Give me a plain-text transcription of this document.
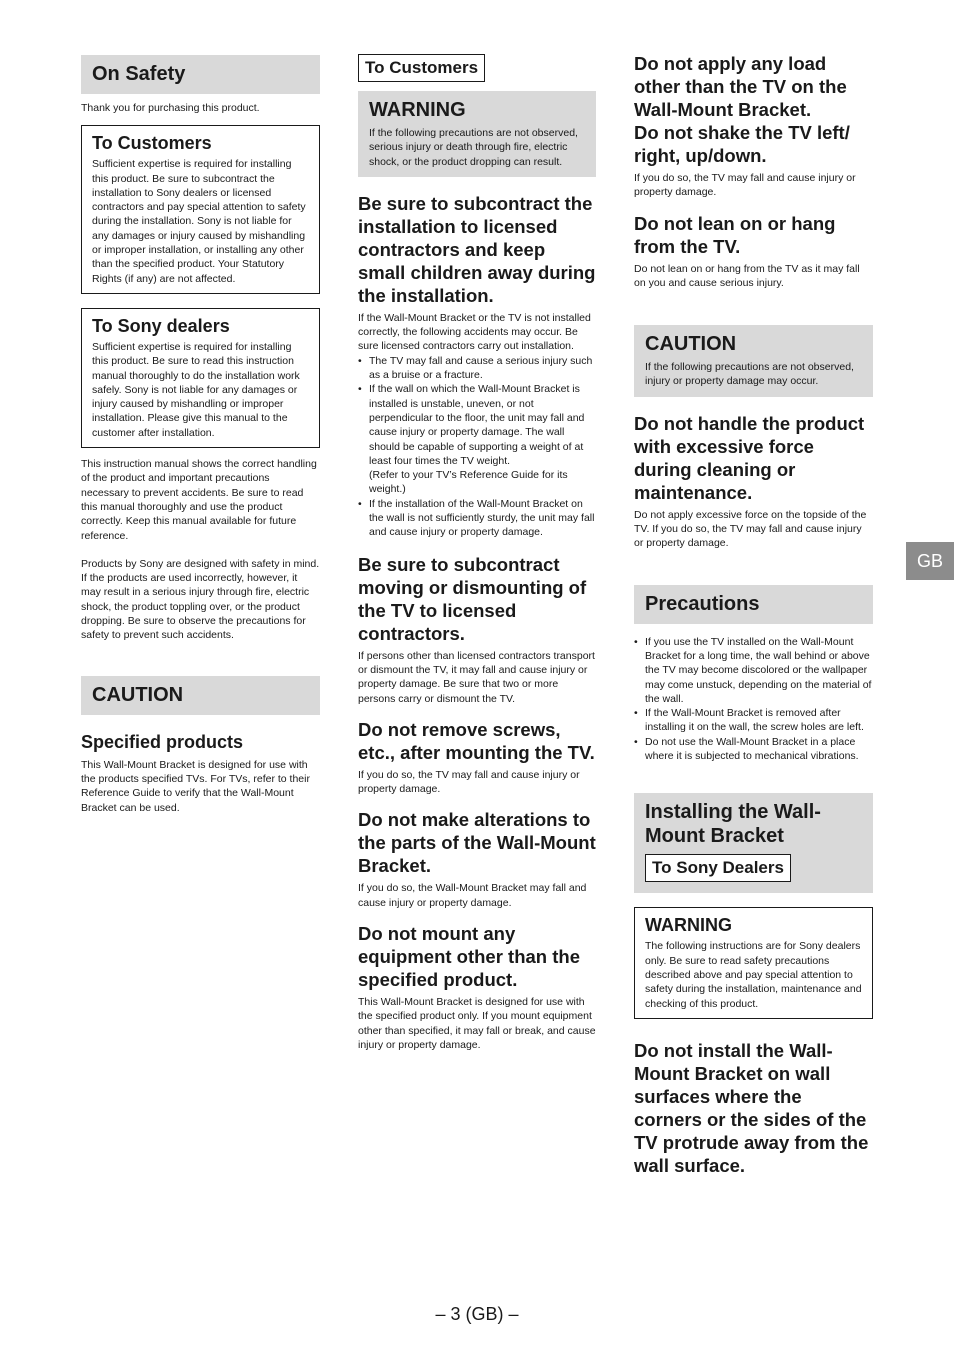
On Safety

Thank you for purchasing this product.

To Customers

Sufficient expertise is required for installing this product. Be sure to subcontract the installation to Sony dealers or licensed contractors and pay special attention to safety during the installation. Sony is not liable for any damages or injury caused by mishandling or improper installation, or installing any other than the specified product. Your Statutory Rights (if any) are not affected.

To Sony dealers

Sufficient expertise is required for installing this product. Be sure to read this instruction manual thoroughly to do the installation work safely. Sony is not liable for any damages or injury caused by mishandling or improper installation. Please give this manual to the customer after installation.

This instruction manual shows the correct handling of the product and important precautions necessary to prevent accidents. Be sure to read this manual thoroughly and use the product correctly. Keep this manual available for future reference.

Products by Sony are designed with safety in mind. If the products are used incorrectly, however, it may result in a serious injury through fire, electric shock, the product toppling over, or the product dropping. Be sure to observe the precautions for safety to prevent such accidents.

CAUTION
Specified products

This Wall-Mount Bracket is designed for use with the products specified TVs. For TVs, refer to their Reference Guide to verify that the Wall-Mount Bracket can be used.

To Customers
WARNING

If the following precautions are not observed, serious injury or death through fire, electric shock, or the product dropping can result.

Be sure to subcontract the installation to licensed contractors and keep small children away during the installation.

If the Wall-Mount Bracket or the TV is not installed correctly, the following accidents may occur. Be sure licensed contractors carry out installation.

• The TV may fall and cause a serious injury such as a bruise or a fracture.
• If the wall on which the Wall-Mount Bracket is installed is unstable, uneven, or not perpendicular to the floor, the unit may fall and cause injury or property damage. The wall should be capable of supporting a weight of at least four times the TV weight.
(Refer to your TV’s Reference Guide for its weight.)
• If the installation of the Wall-Mount Bracket on the wall is not sufficiently sturdy, the unit may fall and cause injury or property damage.
Be sure to subcontract moving or dismounting of the TV to licensed contractors.

If persons other than licensed contractors transport or dismount the TV, it may fall and cause injury or property damage. Be sure that two or more persons carry or dismount the TV.

Do not remove screws, etc., after mounting the TV.

If you do so, the TV may fall and cause injury or property damage.

Do not make alterations to the parts of the Wall-Mount Bracket.

If you do so, the Wall-Mount Bracket may fall and cause injury or property damage.

Do not mount any equipment other than the specified product.

This Wall-Mount Bracket is designed for use with the specified product only. If you mount equipment other than specified, it may fall or break, and cause injury or property damage.

Do not apply any load other than the TV on the Wall-Mount Bracket.
Do not shake the TV left/ right, up/down.

If you do so, the TV may fall and cause injury or property damage.

Do not lean on or hang from the TV.

Do not lean on or hang from the TV as it may fall on you and cause serious injury.

CAUTION

If the following precautions are not observed, injury or property damage may occur.

Do not handle the product with excessive force during cleaning or maintenance.

Do not apply excessive force on the topside of the TV. If you do so, the TV may fall and cause injury or property damage.

Precautions
• If you use the TV installed on the Wall-Mount Bracket for a long time, the wall behind or above the TV may become discolored or the wallpaper may come unstuck, depending on the material of the wall.
• If the Wall-Mount Bracket is removed after installing it on the wall, the screw holes are left.
• Do not use the Wall-Mount Bracket in a place where it is subjected to mechanical vibrations.
Installing the Wall-Mount Bracket
To Sony Dealers
WARNING

The following instructions are for Sony dealers only. Be sure to read safety precautions described above and pay special attention to safety during the installation, maintenance and checking of this product.

Do not install the Wall-Mount Bracket on wall surfaces where the corners or the sides of the TV protrude away from the wall surface.
GB
– 3 (GB) –
